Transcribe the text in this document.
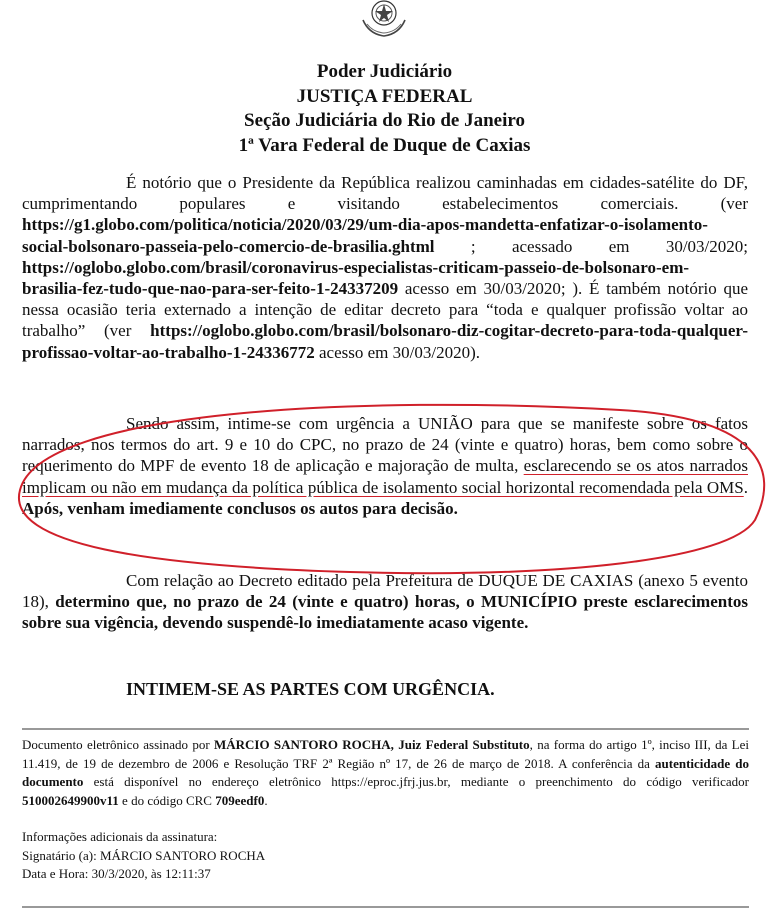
Poder Judiciário
JUSTIÇA FEDERAL
Seção Judiciária do Rio de Janeiro
1ª Vara Federal de Duque de Caxias
É notório que o Presidente da República realizou caminhadas em cidades-satélite do DF, cumprimentando populares e visitando estabelecimentos comerciais. (ver https://g1.globo.com/politica/noticia/2020/03/29/um-dia-apos-mandetta-enfatizar-o-isolamento-social-bolsonaro-passeia-pelo-comercio-de-brasilia.ghtml ; acessado em 30/03/2020; https://oglobo.globo.com/brasil/coronavirus-especialistas-criticam-passeio-de-bolsonaro-em-brasilia-fez-tudo-que-nao-para-ser-feito-1-24337209 acesso em 30/03/2020; ). É também notório que nessa ocasião teria externado a intenção de editar decreto para “toda e qualquer profissão voltar ao trabalho” (ver https://oglobo.globo.com/brasil/bolsonaro-diz-cogitar-decreto-para-toda-qualquer-profissao-voltar-ao-trabalho-1-24336772 acesso em 30/03/2020).
Sendo assim, intime-se com urgência a UNIÃO para que se manifeste sobre os fatos narrados, nos termos do art. 9 e 10 do CPC, no prazo de 24 (vinte e quatro) horas, bem como sobre o requerimento do MPF de evento 18 de aplicação e majoração de multa, esclarecendo se os atos narrados implicam ou não em mudança da política pública de isolamento social horizontal recomendada pela OMS. Após, venham imediamente conclusos os autos para decisão.
Com relação ao Decreto editado pela Prefeitura de DUQUE DE CAXIAS (anexo 5 evento 18), determino que, no prazo de 24 (vinte e quatro) horas, o MUNICÍPIO preste esclarecimentos sobre sua vigência, devendo suspendê-lo imediatamente acaso vigente.
INTIMEM-SE AS PARTES COM URGÊNCIA.
Documento eletrônico assinado por MÁRCIO SANTORO ROCHA, Juiz Federal Substituto, na forma do artigo 1º, inciso III, da Lei 11.419, de 19 de dezembro de 2006 e Resolução TRF 2ª Região nº 17, de 26 de março de 2018. A conferência da autenticidade do documento está disponível no endereço eletrônico https://eproc.jfrj.jus.br, mediante o preenchimento do código verificador 510002649900v11 e do código CRC 709eedf0.
Informações adicionais da assinatura:
Signatário (a): MÁRCIO SANTORO ROCHA
Data e Hora: 30/3/2020, às 12:11:37
